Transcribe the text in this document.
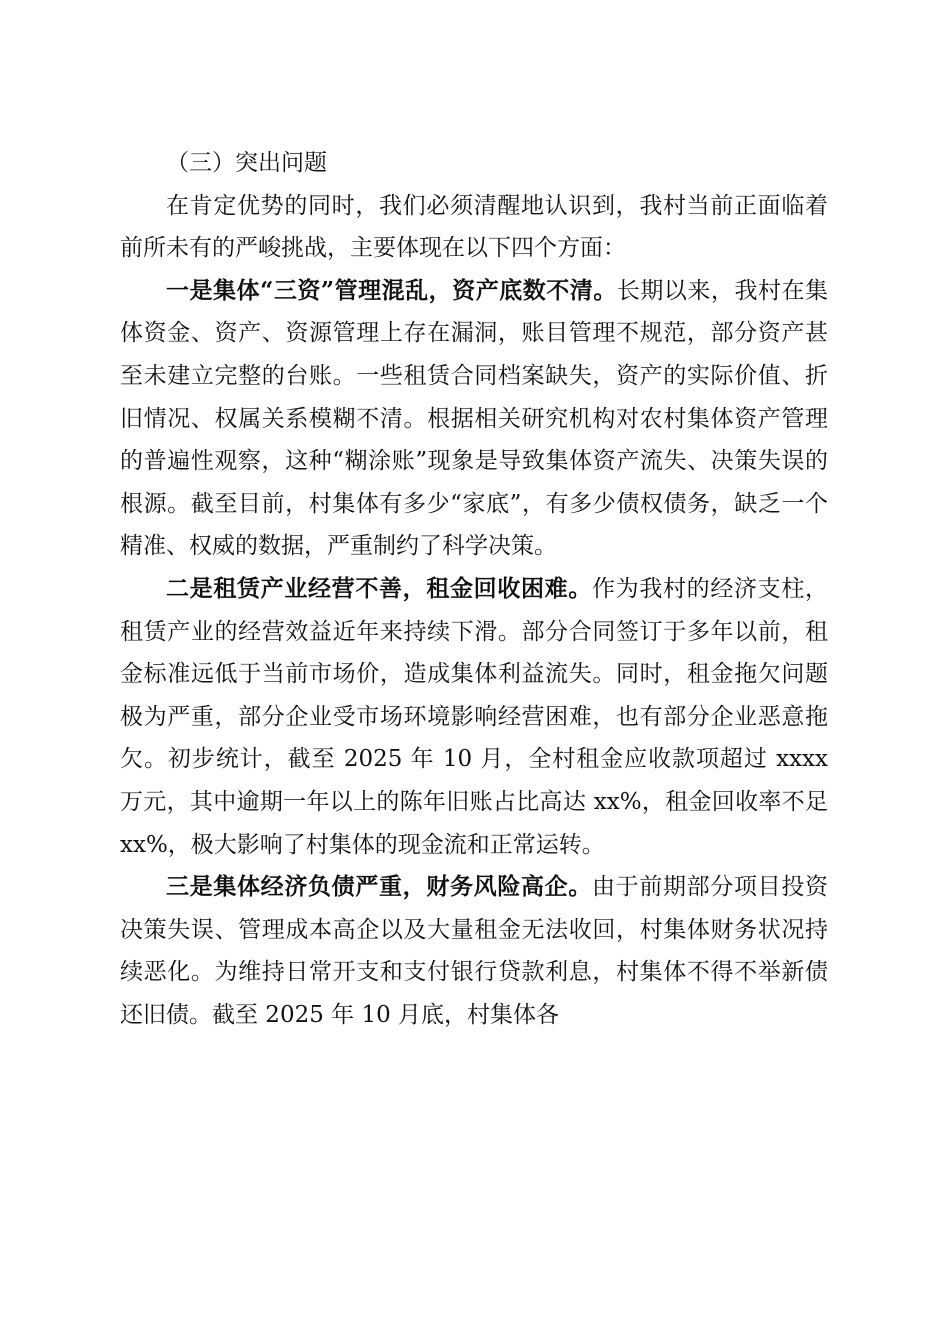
（三）突出问题

在肯定优势的同时，我们必须清醒地认识到，我村当前正面临着前所未有的严峻挑战，主要体现在以下四个方面：

一是集体“三资”管理混乱，资产底数不清。长期以来，我村在集体资金、资产、资源管理上存在漏洞，账目管理不规范，部分资产甚至未建立完整的台账。一些租赁合同档案缺失，资产的实际价值、折旧情况、权属关系模糊不清。根据相关研究机构对农村集体资产管理的普遍性观察，这种“糊涂账”现象是导致集体资产流失、决策失误的根源。截至目前，村集体有多少“家底”，有多少债权债务，缺乏一个精准、权威的数据，严重制约了科学决策。

二是租赁产业经营不善，租金回收困难。作为我村的经济支柱，租赁产业的经营效益近年来持续下滑。部分合同签订于多年以前，租金标准远低于当前市场价，造成集体利益流失。同时，租金拖欠问题极为严重，部分企业受市场环境影响经营困难，也有部分企业恶意拖欠。初步统计，截至 2025 年 10 月，全村租金应收款项超过 xxxx 万元，其中逾期一年以上的陈年旧账占比高达 xx%，租金回收率不足 xx%，极大影响了村集体的现金流和正常运转。

三是集体经济负债严重，财务风险高企。由于前期部分项目投资决策失误、管理成本高企以及大量租金无法收回，村集体财务状况持续恶化。为维持日常开支和支付银行贷款利息，村集体不得不举新债还旧债。截至 2025 年 10 月底，村集体各
